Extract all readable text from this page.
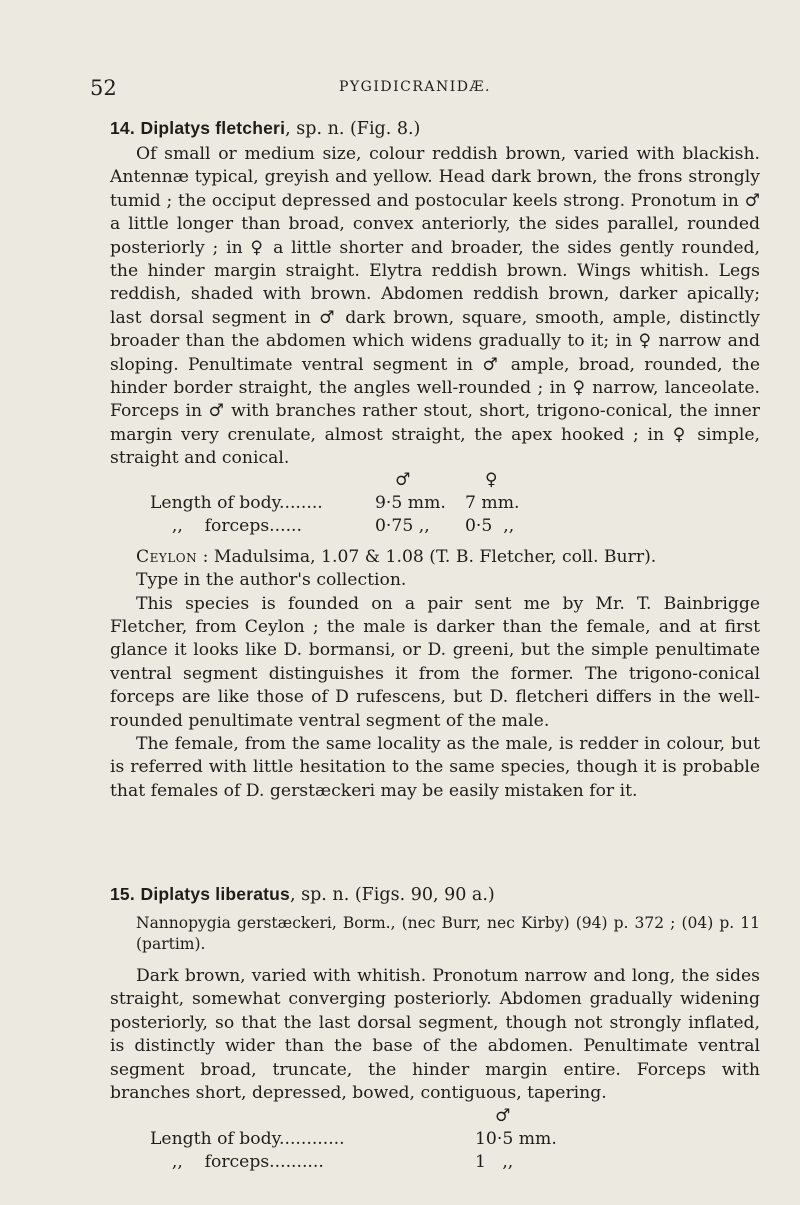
52	PYGIDICRANIDÆ.

14. Diplatys fletcheri, sp. n. (Fig. 8.)

Of small or medium size, colour reddish brown, varied with blackish. Antennæ typical, greyish and yellow. Head dark brown, the frons strongly tumid ; the occiput depressed and postocular keels strong. Pronotum in ♂ a little longer than broad, convex anteriorly, the sides parallel, rounded posteriorly ; in ♀ a little shorter and broader, the sides gently rounded, the hinder margin straight. Elytra reddish brown. Wings whitish. Legs reddish, shaded with brown. Abdomen reddish brown, darker apically; last dorsal segment in ♂ dark brown, square, smooth, ample, distinctly broader than the abdomen which widens gradually to it; in ♀ narrow and sloping. Penultimate ventral segment in ♂ ample, broad, rounded, the hinder border straight, the angles well-rounded ; in ♀ narrow, lanceolate. Forceps in ♂ with branches rather stout, short, trigono-conical, the inner margin very crenulate, almost straight, the apex hooked ; in ♀ simple, straight and conical.

♂	♀
Length of body........	9·5 mm.	7 mm.
,,    forceps......	0·75 ,,	0·5  ,,

Ceylon : Madulsima, 1.07 & 1.08 (T. B. Fletcher, coll. Burr).

Type in the author's collection.

This species is founded on a pair sent me by Mr. T. Bainbrigge Fletcher, from Ceylon ; the male is darker than the female, and at first glance it looks like D. bormansi, or D. greeni, but the simple penultimate ventral segment distinguishes it from the former. The trigono-conical forceps are like those of D rufescens, but D. fletcheri differs in the well-rounded penultimate ventral segment of the male.

The female, from the same locality as the male, is redder in colour, but is referred with little hesitation to the same species, though it is probable that females of D. gerstæckeri may be easily mistaken for it.

15. Diplatys liberatus, sp. n. (Figs. 90, 90 a.)

Nannopygia gerstæckeri, Borm., (nec Burr, nec Kirby) (94) p. 372 ; (04) p. 11 (partim).

Dark brown, varied with whitish. Pronotum narrow and long, the sides straight, somewhat converging posteriorly. Abdomen gradually widening posteriorly, so that the last dorsal segment, though not strongly inflated, is distinctly wider than the base of the abdomen. Penultimate ventral segment broad, truncate, the hinder margin entire. Forceps with branches short, depressed, bowed, contiguous, tapering.

♂
Length of body............	10·5 mm.
,,    forceps..........	1   ,,
